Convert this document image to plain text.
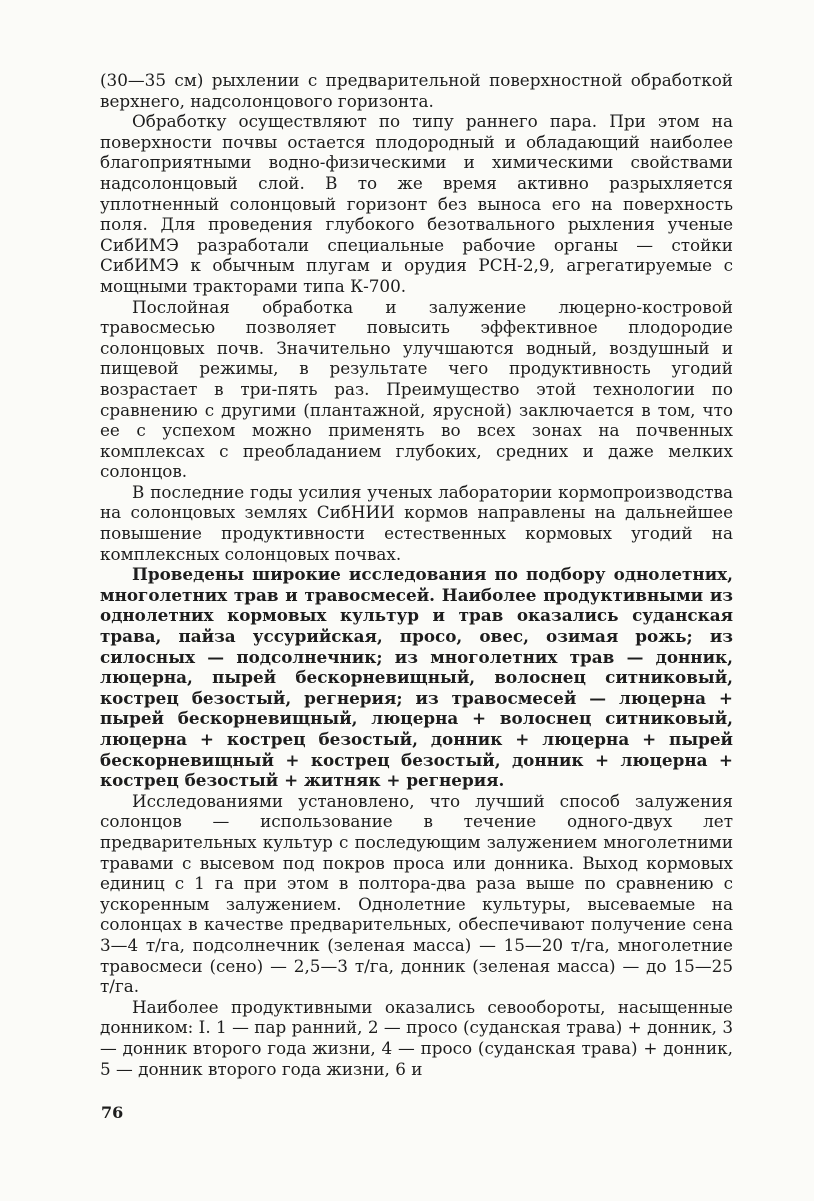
(30—35 см) рыхлении с предварительной поверхностной обработкой верхнего, надсолонцового горизонта.

Обработку осуществляют по типу раннего пара. При этом на поверхности почвы остается плодородный и обладающий наиболее благоприятными водно-физическими и химическими свойствами надсолонцовый слой. В то же время активно разрыхляется уплотненный солонцовый горизонт без выноса его на поверхность поля. Для проведения глубокого безотвального рыхления ученые СибИМЭ разработали специальные рабочие органы — стойки СибИМЭ к обычным плугам и орудия РСН-2,9, агрегатируемые с мощными тракторами типа К-700.

Послойная обработка и залужение люцерно-костровой травосмесью позволяет повысить эффективное плодородие солонцовых почв. Значительно улучшаются водный, воздушный и пищевой режимы, в результате чего продуктивность угодий возрастает в три-пять раз. Преимущество этой технологии по сравнению с другими (плантажной, ярусной) заключается в том, что ее с успехом можно применять во всех зонах на почвенных комплексах с преобладанием глубоких, средних и даже мелких солонцов.

В последние годы усилия ученых лаборатории кормопроизводства на солонцовых землях СибНИИ кормов направлены на дальнейшее повышение продуктивности естественных кормовых угодий на комплексных солонцовых почвах.

Проведены широкие исследования по подбору однолетних, многолетних трав и травосмесей. Наиболее продуктивными из однолетних кормовых культур и трав оказались суданская трава, пайза уссурийская, просо, овес, озимая рожь; из силосных — подсолнечник; из многолетних трав — донник, люцерна, пырей бескорневищный, волоснец ситниковый, кострец безостый, регнерия; из травосмесей — люцерна + пырей бескорневищный, люцерна + волоснец ситниковый, люцерна + кострец безостый, донник + люцерна + пырей бескорневищный + кострец безостый, донник + люцерна + кострец безостый + житняк + регнерия.

Исследованиями установлено, что лучший способ залужения солонцов — использование в течение одного-двух лет предварительных культур с последующим залужением многолетними травами с высевом под покров проса или донника. Выход кормовых единиц с 1 га при этом в полтора-два раза выше по сравнению с ускоренным залужением. Однолетние культуры, высеваемые на солонцах в качестве предварительных, обеспечивают получение сена 3—4 т/га, подсолнечник (зеленая масса) — 15—20 т/га, многолетние травосмеси (сено) — 2,5—3 т/га, донник (зеленая масса) — до 15—25 т/га.

Наиболее продуктивными оказались севообороты, насыщенные донником: I. 1 — пар ранний, 2 — просо (суданская трава) + донник, 3 — донник второго года жизни, 4 — просо (суданская трава) + донник, 5 — донник второго года жизни, 6 и

76
